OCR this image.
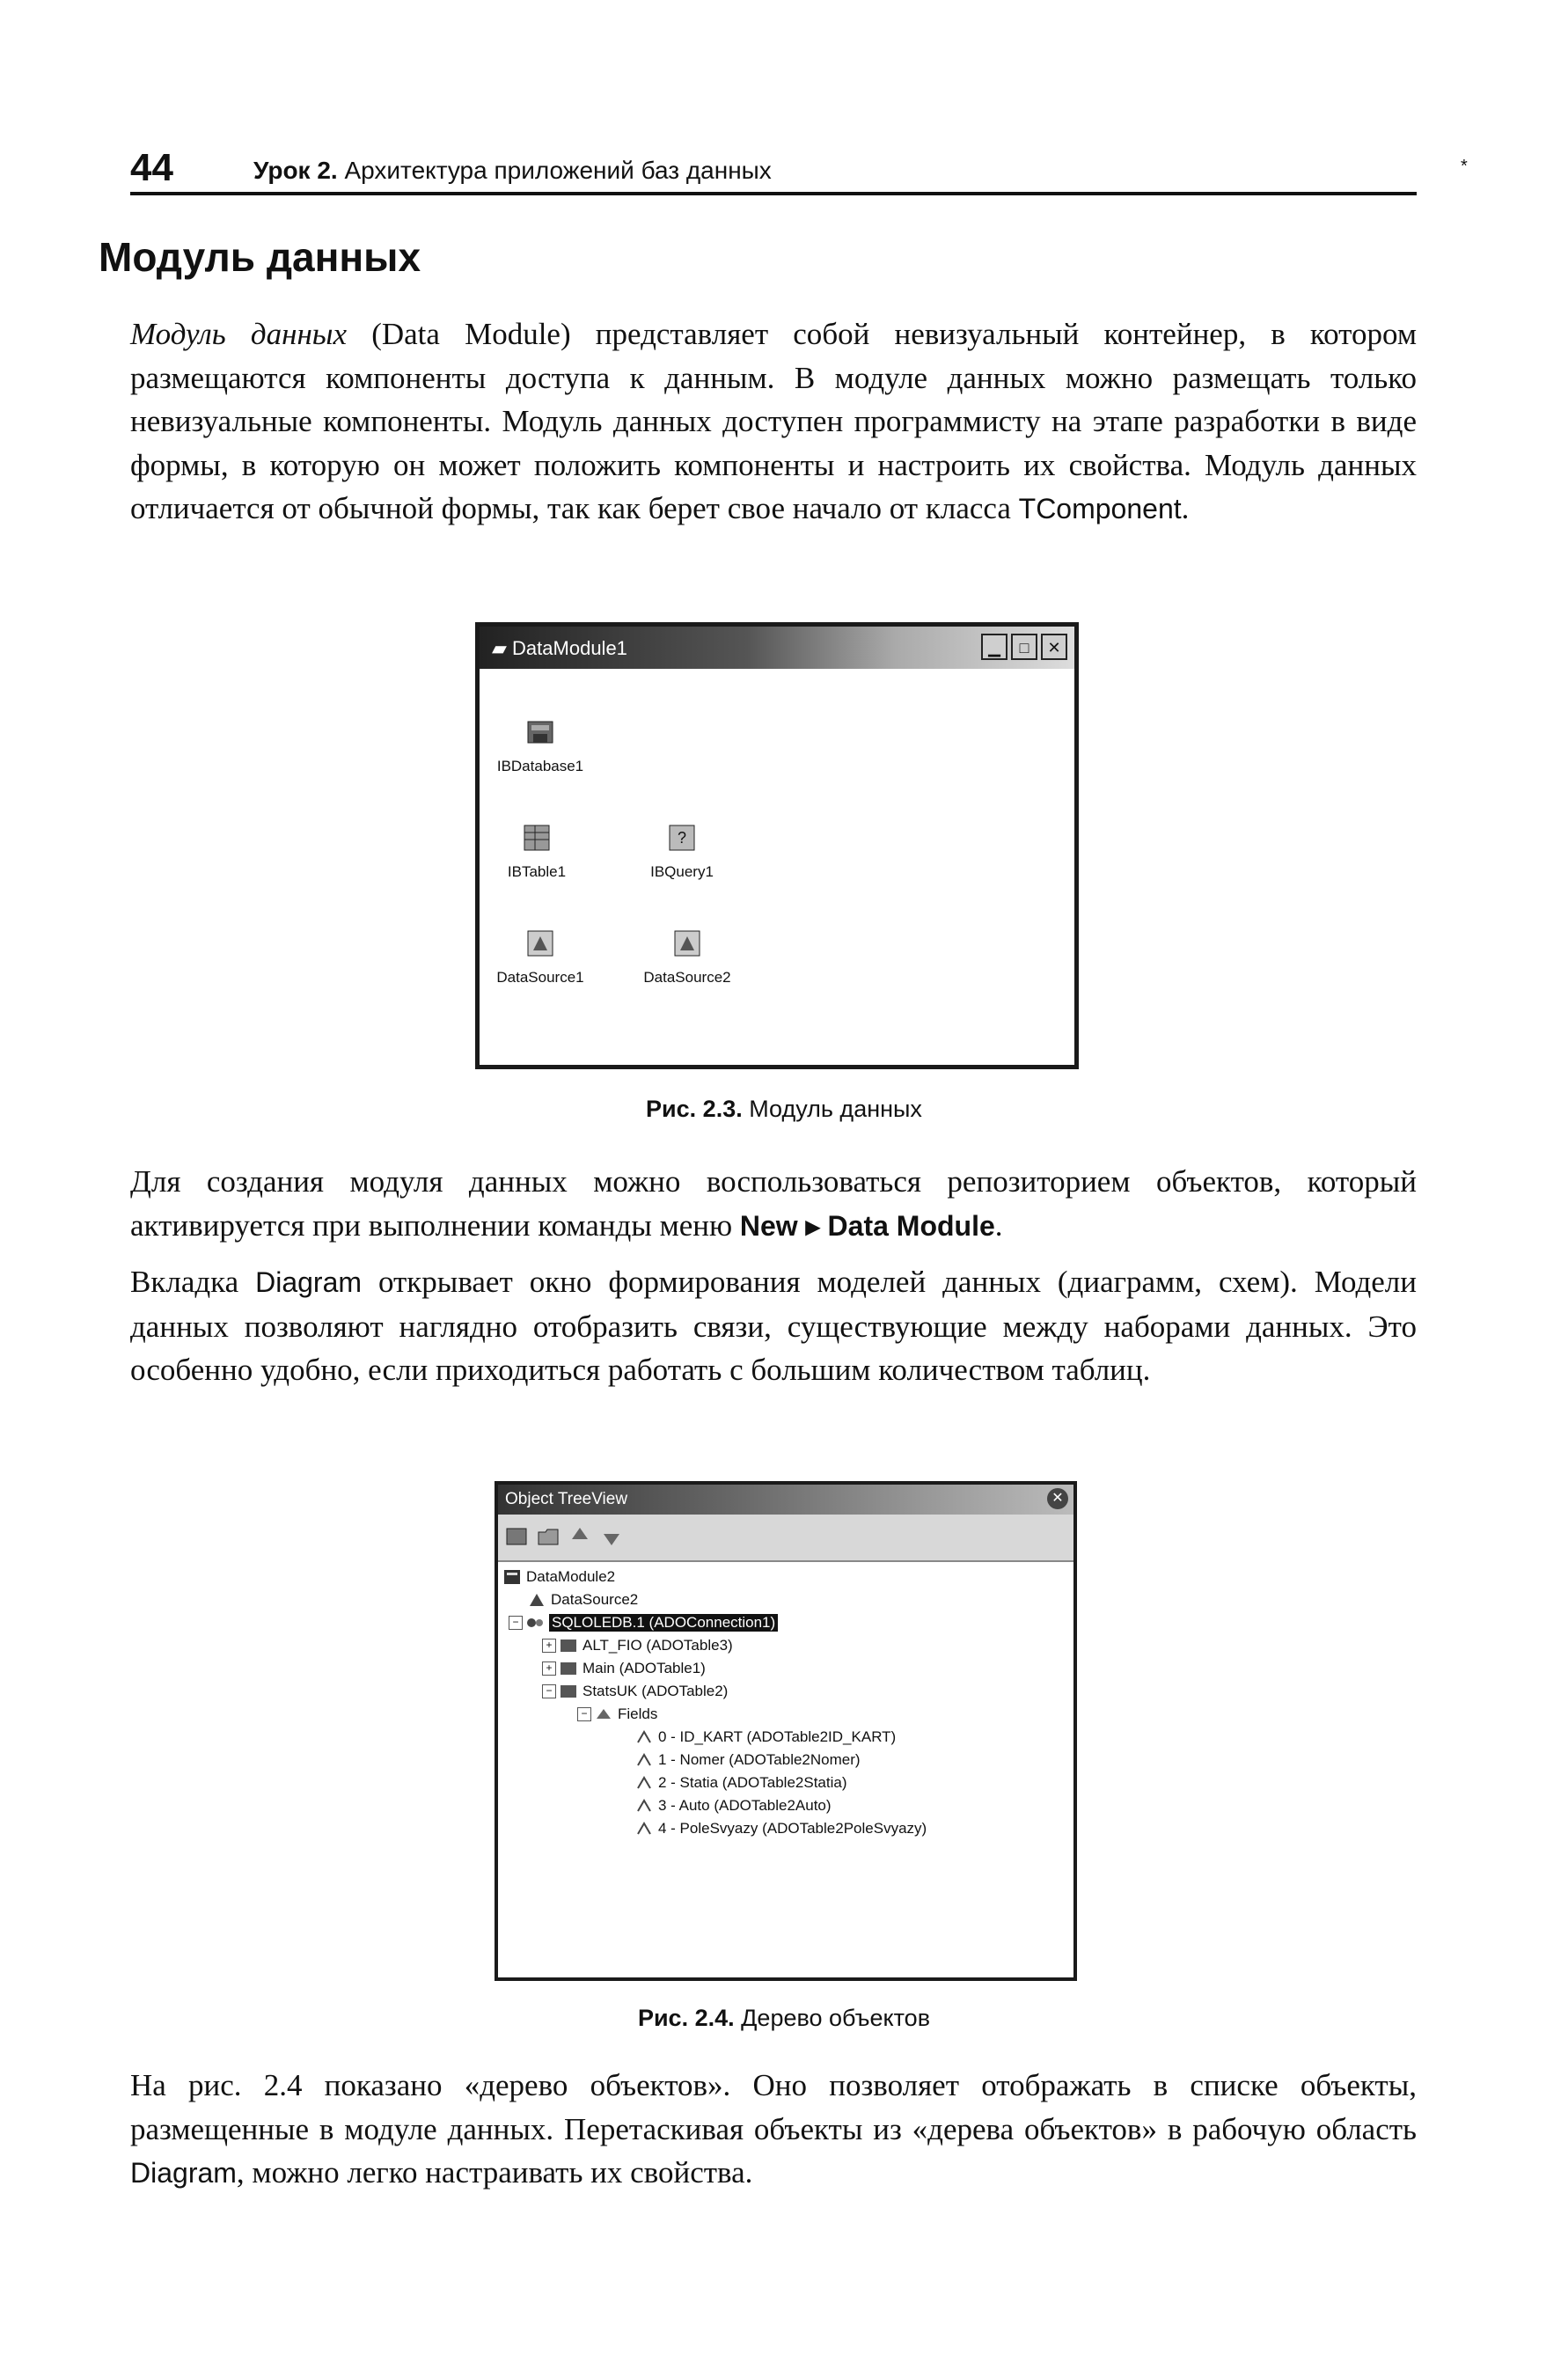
44	Урок 2. Архитектура приложений баз данных	*
Модуль данных
Модуль данных (Data Module) представляет собой невизуальный контейнер, в котором размещаются компоненты доступа к данным. В модуле данных можно размещать только невизуальные компоненты. Модуль данных доступен программисту на этапе разработки в виде формы, в которую он может положить компоненты и настроить их свойства. Модуль данных отличается от обычной формы, так как берет свое начало от класса TComponent.
▰ DataModule1	▁	□	✕
IBDatabase1
IBTable1
?
IBQuery1
DataSource1	DataSource2
Рис. 2.3. Модуль данных
Для создания модуля данных можно воспользоваться репозиторием объектов, который активируется при выполнении команды меню New ▸ Data Module.
Вкладка Diagram открывает окно формирования моделей данных (диаграмм, схем). Модели данных позволяют наглядно отобразить связи, существующие между наборами данных. Это особенно удобно, если приходиться работать с большим количеством таблиц.
Object TreeView	✕
DataModule2
DataSource2
− SQLOLEDB.1 (ADOConnection1)
+ ALT_FIO (ADOTable3)
+ Main (ADOTable1)
− StatsUK (ADOTable2)
− Fields
0 - ID_KART (ADOTable2ID_KART)
1 - Nomer (ADOTable2Nomer)
2 - Statia (ADOTable2Statia)
3 - Auto (ADOTable2Auto)
4 - PoleSvyazy (ADOTable2PoleSvyazy)
Рис. 2.4. Дерево объектов
На рис. 2.4 показано «дерево объектов». Оно позволяет отображать в списке объекты, размещенные в модуле данных. Перетаскивая объекты из «дерева объектов» в рабочую область Diagram, можно легко настраивать их свойства.
